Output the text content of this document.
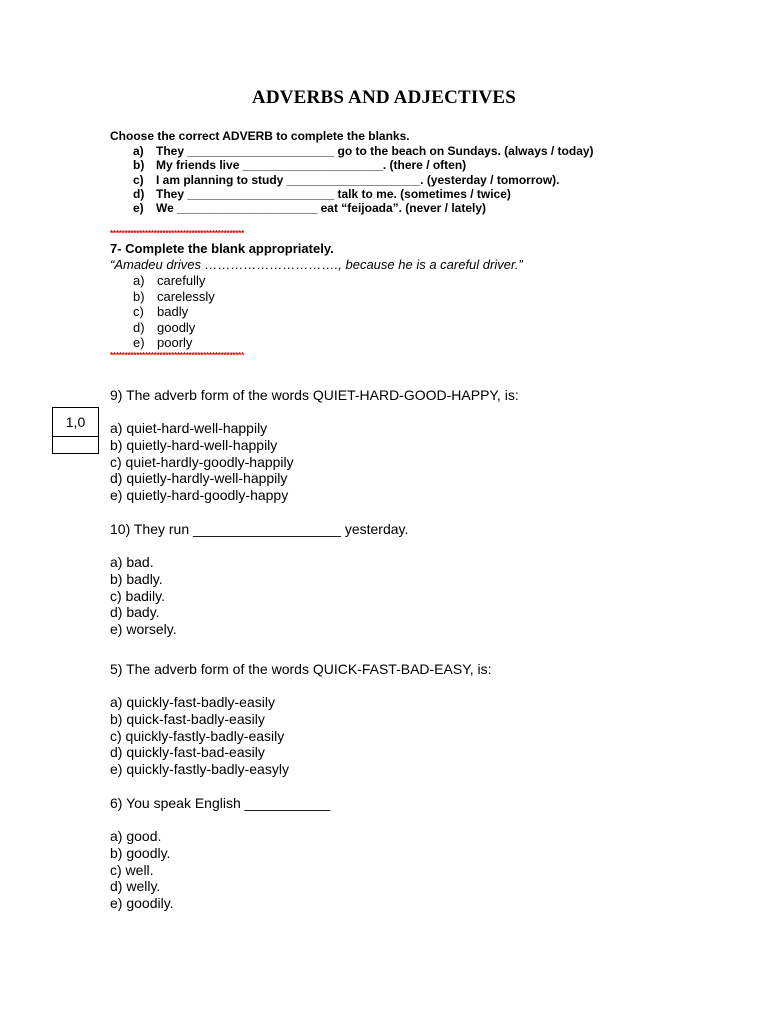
ADVERBS AND ADJECTIVES
Choose the correct ADVERB to complete the blanks.
a) They ______________________ go to the beach on Sundays. (always / today)
b) My friends live _____________________. (there / often)
c) I am planning to study ____________________. (yesterday / tomorrow).
d) They ______________________ talk to me. (sometimes / twice)
e) We _____________________ eat “feijoada”. (never / lately)
**********************************************
7- Complete the blank appropriately.
“Amadeu drives …………………………., because he is a careful driver.”
a) carefully
b) carelessly
c) badly
d) goodly
e) poorly
**********************************************
1,0
9) The adverb form of the words QUIET-HARD-GOOD-HAPPY, is:
a) quiet-hard-well-happily
b) quietly-hard-well-happily
c) quiet-hardly-goodly-happily
d) quietly-hardly-well-happily
e) quietly-hard-goodly-happy
10) They run ___________________ yesterday.
a) bad.
b) badly.
c) badily.
d) bady.
e) worsely.
5) The adverb form of the words QUICK-FAST-BAD-EASY, is:
a) quickly-fast-badly-easily
b) quick-fast-badly-easily
c) quickly-fastly-badly-easily
d) quickly-fast-bad-easily
e) quickly-fastly-badly-easyly
6) You speak English ___________
a) good.
b) goodly.
c) well.
d) welly.
e) goodily.
